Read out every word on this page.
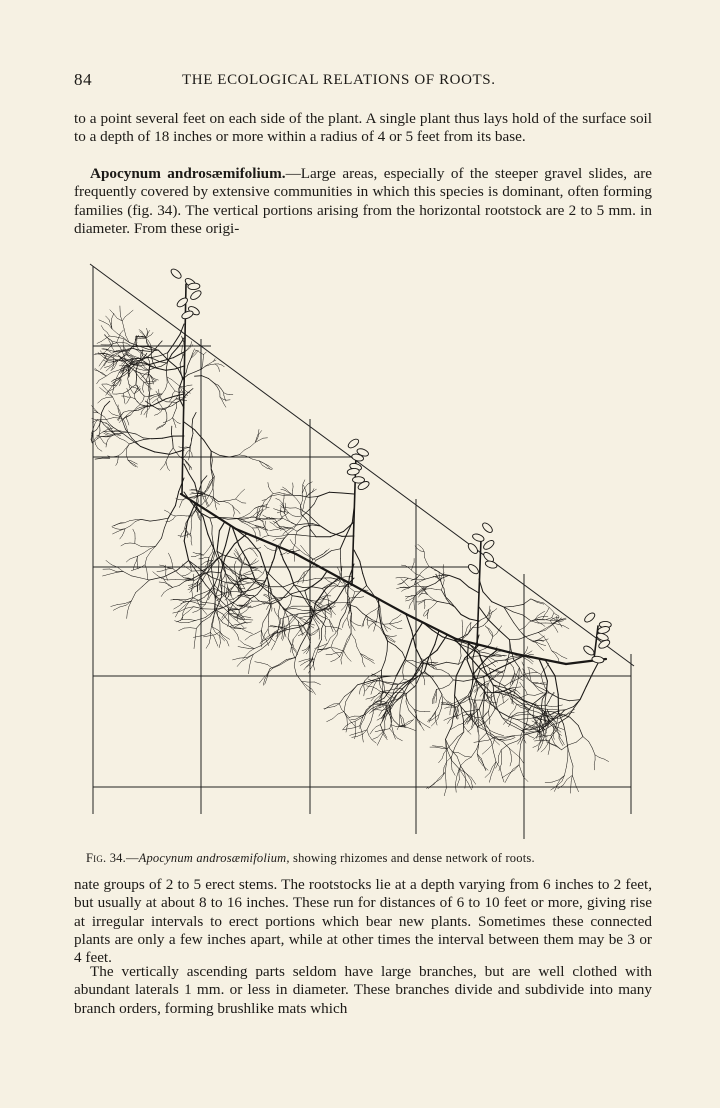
84	THE ECOLOGICAL RELATIONS OF ROOTS.

to a point several feet on each side of the plant. A single plant thus lays hold of the surface soil to a depth of 18 inches or more within a radius of 4 or 5 feet from its base.

Apocynum androsæmifolium.—Large areas, especially of the steeper gravel slides, are frequently covered by extensive communities in which this species is dominant, often forming families (fig. 34). The vertical portions arising from the horizontal rootstock are 2 to 5 mm. in diameter. From these origi-

Fig. 34.—Apocynum androsæmifolium, showing rhizomes and dense network of roots.

nate groups of 2 to 5 erect stems. The rootstocks lie at a depth varying from 6 inches to 2 feet, but usually at about 8 to 16 inches. These run for distances of 6 to 10 feet or more, giving rise at irregular intervals to erect portions which bear new plants. Sometimes these connected plants are only a few inches apart, while at other times the interval between them may be 3 or 4 feet.

The vertically ascending parts seldom have large branches, but are well clothed with abundant laterals 1 mm. or less in diameter. These branches divide and subdivide into many branch orders, forming brushlike mats which
